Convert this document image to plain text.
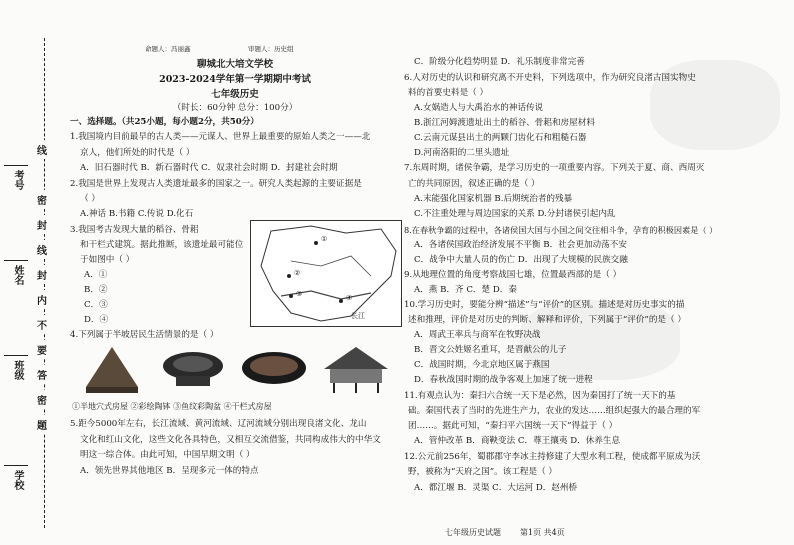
考号
姓名
班级
学校
线
封
密
密
封
线
内
不
要
答
题
命题人：冯丽鑫	审题人：历史组
聊城北大培文学校
2023-2024学年第一学期期中考试
七年级历史
（时长：60分钟 总分：100分）
一、选择题。（共25小题，每小题2分，共50分）
1.我国境内目前最早的古人类——元谋人、世界上最重要的原始人类之一——北
京人，他们所处的时代是（ ）
A．旧石器时代 B．新石器时代 C．奴隶社会时期 D．封建社会时期
2.我国是世界上发现古人类遗址最多的国家之一。研究人类起源的主要证据是
（ ）
A.神话 B.书籍 C.传说 D.化石
3.我国考古发现大量的稻谷、骨耜
和干栏式建筑。据此推断，该遗址最可能位
于如图中（ ）
A．①
B．②
C．③
D．④
4.下列属于半坡居民生活情景的是（ ）
①
②
③	④
长江
①半地穴式房屋 ②彩绘陶钵 ③鱼纹彩陶盆 ④干栏式房屋
5.距今5000年左右，长江流域、黄河流域、辽河流域分别出现良渚文化、龙山
文化和红山文化，这些文化各具特色，又相互交流借鉴，共同构成伟大的中华文
明这一综合体。由此可知，中国早期文明（ ）
A．领先世界其他地区 B．呈现多元一体的特点
C．阶级分化趋势明显 D．礼乐制度非常完善
6.人对历史的认识和研究离不开史料，下列选项中，作为研究良渚古国实物史
料的首要史料是（ ）
A.女娲造人与大禹治水的神话传说
B.浙江河姆渡遗址出土的稻谷、骨耜和房屋材料
C.云南元谋县出土的两颗门齿化石和粗糙石器
D.河南洛阳的二里头遗址
7.东周时期，诸侯争霸，是学习历史的一项重要内容。下列关于夏、商、西周灭
亡的共同原因，叙述正确的是（ ）
A.末能强化国家机器 B.后期统治者的残暴
C.不注重处理与周边国家的关系 D.分封诸侯引起内乱
8.在春秋争霸的过程中，各诸侯国大国与小国之间交往相斗争，孕育的积极因素是（ ）
A．各诸侯国政治经济发展不平衡 B．社会更加动荡不安
C．战争中大量人员的伤亡 D．出现了大规模的民族交融
9.从地理位置的角度考察战国七雄，位置最西部的是（ ）
A．燕 B．齐 C．楚 D．秦
10.学习历史时，要能分辨“描述”与“评价”的区别。描述是对历史事实的描
述和推理，评价是对历史的判断、解释和评价，下列属于“评价”的是（ ）
A．周武王率兵与商军在牧野决战
B．晋文公姓姬名重耳，是晋献公的儿子
C．战国时期，今北京地区属于燕国
D．春秋战国时期的战争客观上加速了统一进程
11.有观点认为：秦扫六合统一天下是必然，因为秦国打了统一天下的基
础。秦国代表了当时的先进生产力，农业的发达……组织起强大的最合理的军
团……。据此可知，“秦扫平六国统一天下”得益于（ ）
A．管仲改革 B．商鞅变法 C．尊王攘夷 D．休养生息
12.公元前256年，蜀郡郡守李冰主持修建了大型水利工程，使成都平原成为沃
野，被称为“天府之国”。该工程是（ ）
A．都江堰 B．灵渠 C．大运河 D．赵州桥
七年级历史试题 第1页 共4页
